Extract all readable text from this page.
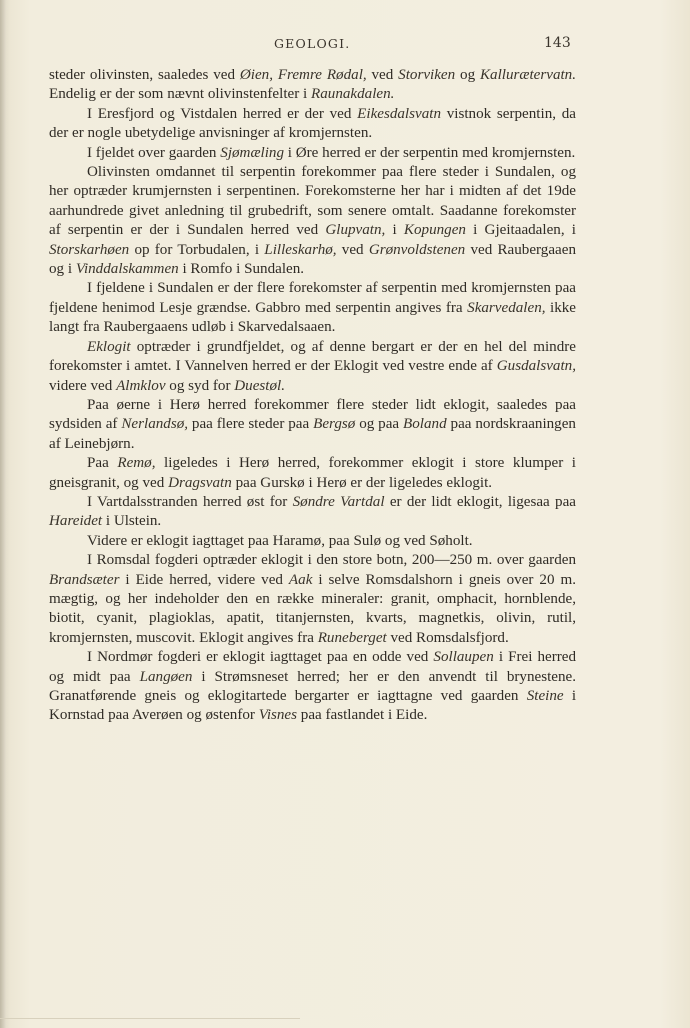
GEOLOGI.	143

steder olivinsten, saaledes ved Øien, Fremre Rødal, ved Storviken og Kallurætervatn. Endelig er der som nævnt olivinstenfelter i Raunakdalen.

I Eresfjord og Vistdalen herred er der ved Eikesdalsvatn vistnok serpentin, da der er nogle ubetydelige anvisninger af kromjernsten.

I fjeldet over gaarden Sjømæling i Øre herred er der serpentin med kromjernsten.

Olivinsten omdannet til serpentin forekommer paa flere steder i Sundalen, og her optræder krumjernsten i serpentinen. Forekomsterne her har i midten af det 19de aarhundrede givet anledning til grubedrift, som senere omtalt. Saadanne forekomster af serpentin er der i Sundalen herred ved Glupvatn, i Kopungen i Gjeitaadalen, i Storskarhøen op for Torbudalen, i Lilleskarhø, ved Grønvoldstenen ved Raubergaaen og i Vinddalskammen i Romfo i Sundalen.

I fjeldene i Sundalen er der flere forekomster af serpentin med kromjernsten paa fjeldene henimod Lesje grændse. Gabbro med serpentin angives fra Skarvedalen, ikke langt fra Raubergaaens udløb i Skarvedalsaaen.

Eklogit optræder i grundfjeldet, og af denne bergart er der en hel del mindre forekomster i amtet. I Vannelven herred er der Eklogit ved vestre ende af Gusdalsvatn, videre ved Almklov og syd for Duestøl.

Paa øerne i Herø herred forekommer flere steder lidt eklogit, saaledes paa sydsiden af Nerlandsø, paa flere steder paa Bergsø og paa Boland paa nordskraaningen af Leinebjørn.

Paa Remø, ligeledes i Herø herred, forekommer eklogit i store klumper i gneisgranit, og ved Dragsvatn paa Gurskø i Herø er der ligeledes eklogit.

I Vartdalsstranden herred øst for Søndre Vartdal er der lidt eklogit, ligesaa paa Hareidet i Ulstein.

Videre er eklogit iagttaget paa Haramø, paa Sulø og ved Søholt.

I Romsdal fogderi optræder eklogit i den store botn, 200—250 m. over gaarden Brandsæter i Eide herred, videre ved Aak i selve Romsdalshorn i gneis over 20 m. mægtig, og her indeholder den en række mineraler: granit, omphacit, hornblende, biotit, cyanit, plagioklas, apatit, titanjernsten, kvarts, magnetkis, olivin, rutil, kromjernsten, muscovit. Eklogit angives fra Runeberget ved Romsdalsfjord.

I Nordmør fogderi er eklogit iagttaget paa en odde ved Sollaupen i Frei herred og midt paa Langøen i Strømsneset herred; her er den anvendt til brynestene. Granatførende gneis og eklogitartede bergarter er iagttagne ved gaarden Steine i Kornstad paa Averøen og østenfor Visnes paa fastlandet i Eide.
